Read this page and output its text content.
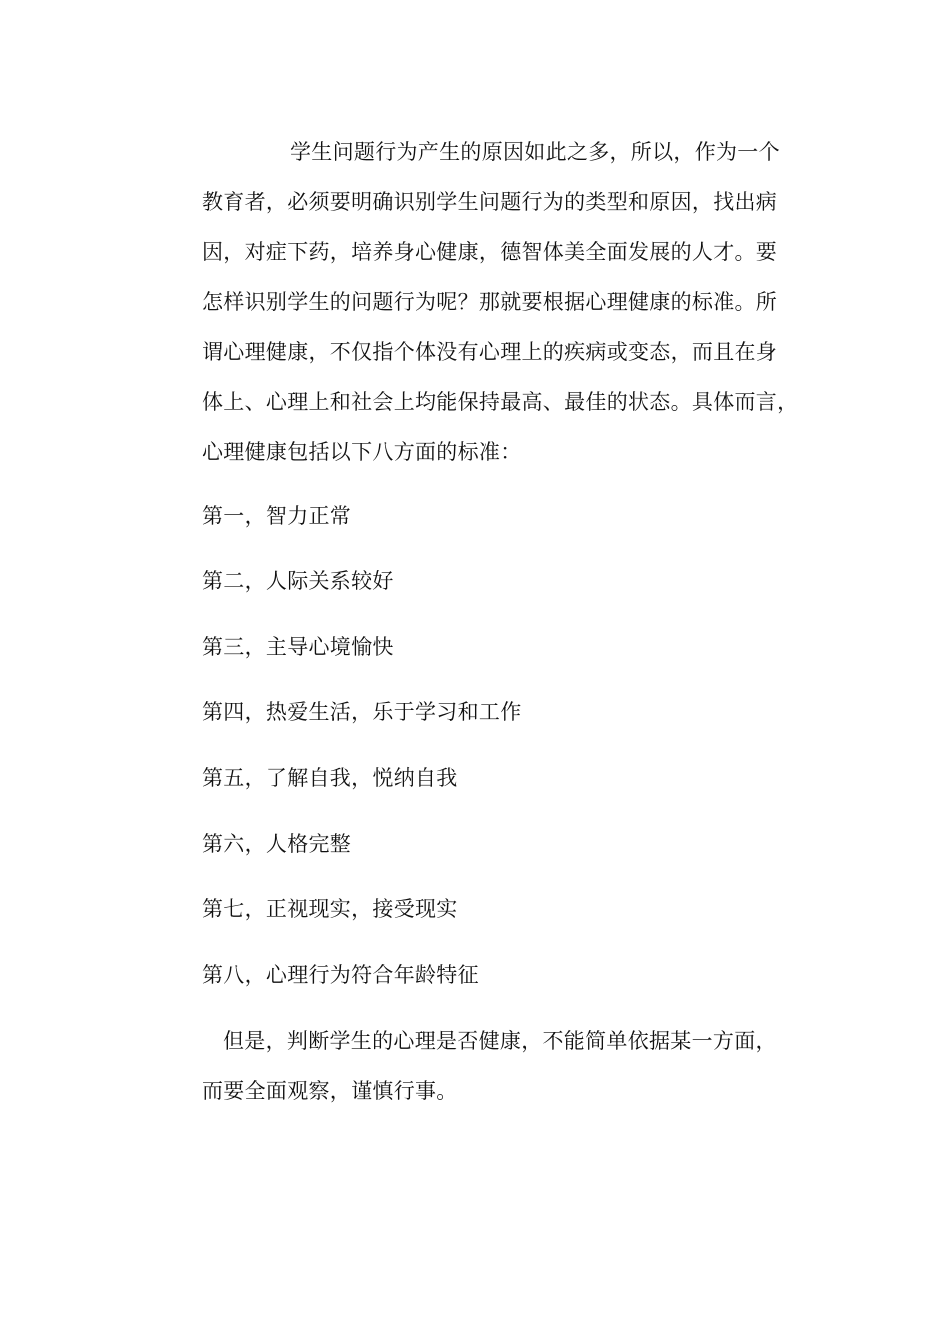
学生问题行为产生的原因如此之多，所以，作为一个
教育者，必须要明确识别学生问题行为的类型和原因，找出病
因，对症下药，培养身心健康，德智体美全面发展的人才。要
怎样识别学生的问题行为呢？那就要根据心理健康的标准。所
谓心理健康，不仅指个体没有心理上的疾病或变态，而且在身
体上、心理上和社会上均能保持最高、最佳的状态。具体而言，
心理健康包括以下八方面的标准：

第一，智力正常

第二，人际关系较好

第三，主导心境愉快

第四，热爱生活，乐于学习和工作

第五，了解自我，悦纳自我

第六，人格完整

第七，正视现实，接受现实

第八，心理行为符合年龄特征

但是，判断学生的心理是否健康，不能简单依据某一方面，
而要全面观察，谨慎行事。
